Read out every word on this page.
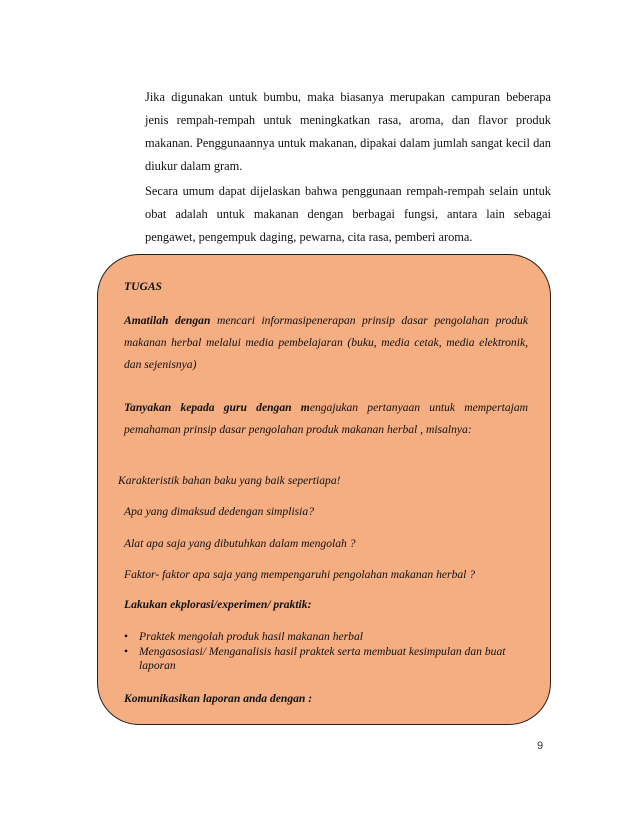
Jika digunakan untuk bumbu, maka biasanya merupakan campuran beberapa jenis rempah-rempah untuk meningkatkan rasa, aroma, dan flavor produk makanan. Penggunaannya untuk makanan, dipakai dalam jumlah sangat kecil dan diukur dalam gram.

Secara umum dapat dijelaskan bahwa penggunaan rempah-rempah selain untuk obat adalah untuk makanan dengan berbagai fungsi, antara lain sebagai pengawet, pengempuk daging, pewarna, cita rasa, pemberi aroma.

TUGAS

Amatilah dengan mencari informasipenerapan prinsip dasar pengolahan produk makanan herbal melalui media pembelajaran (buku, media cetak, media elektronik, dan sejenisnya)

Tanyakan kepada guru dengan mengajukan pertanyaan untuk mempertajam pemahaman prinsip dasar pengolahan produk makanan herbal , misalnya:

Karakteristik bahan baku yang baik sepertiapa!

Apa yang dimaksud dedengan simplisia?

Alat apa saja yang dibutuhkan dalam mengolah ?

Faktor- faktor apa saja yang mempengaruhi pengolahan makanan herbal ?

Lakukan ekplorasi/experimen/ praktik:

• Praktek mengolah produk hasil makanan herbal
• Mengasosiasi/ Menganalisis hasil praktek serta membuat kesimpulan dan buat laporan

Komunikasikan laporan anda dengan :

9
